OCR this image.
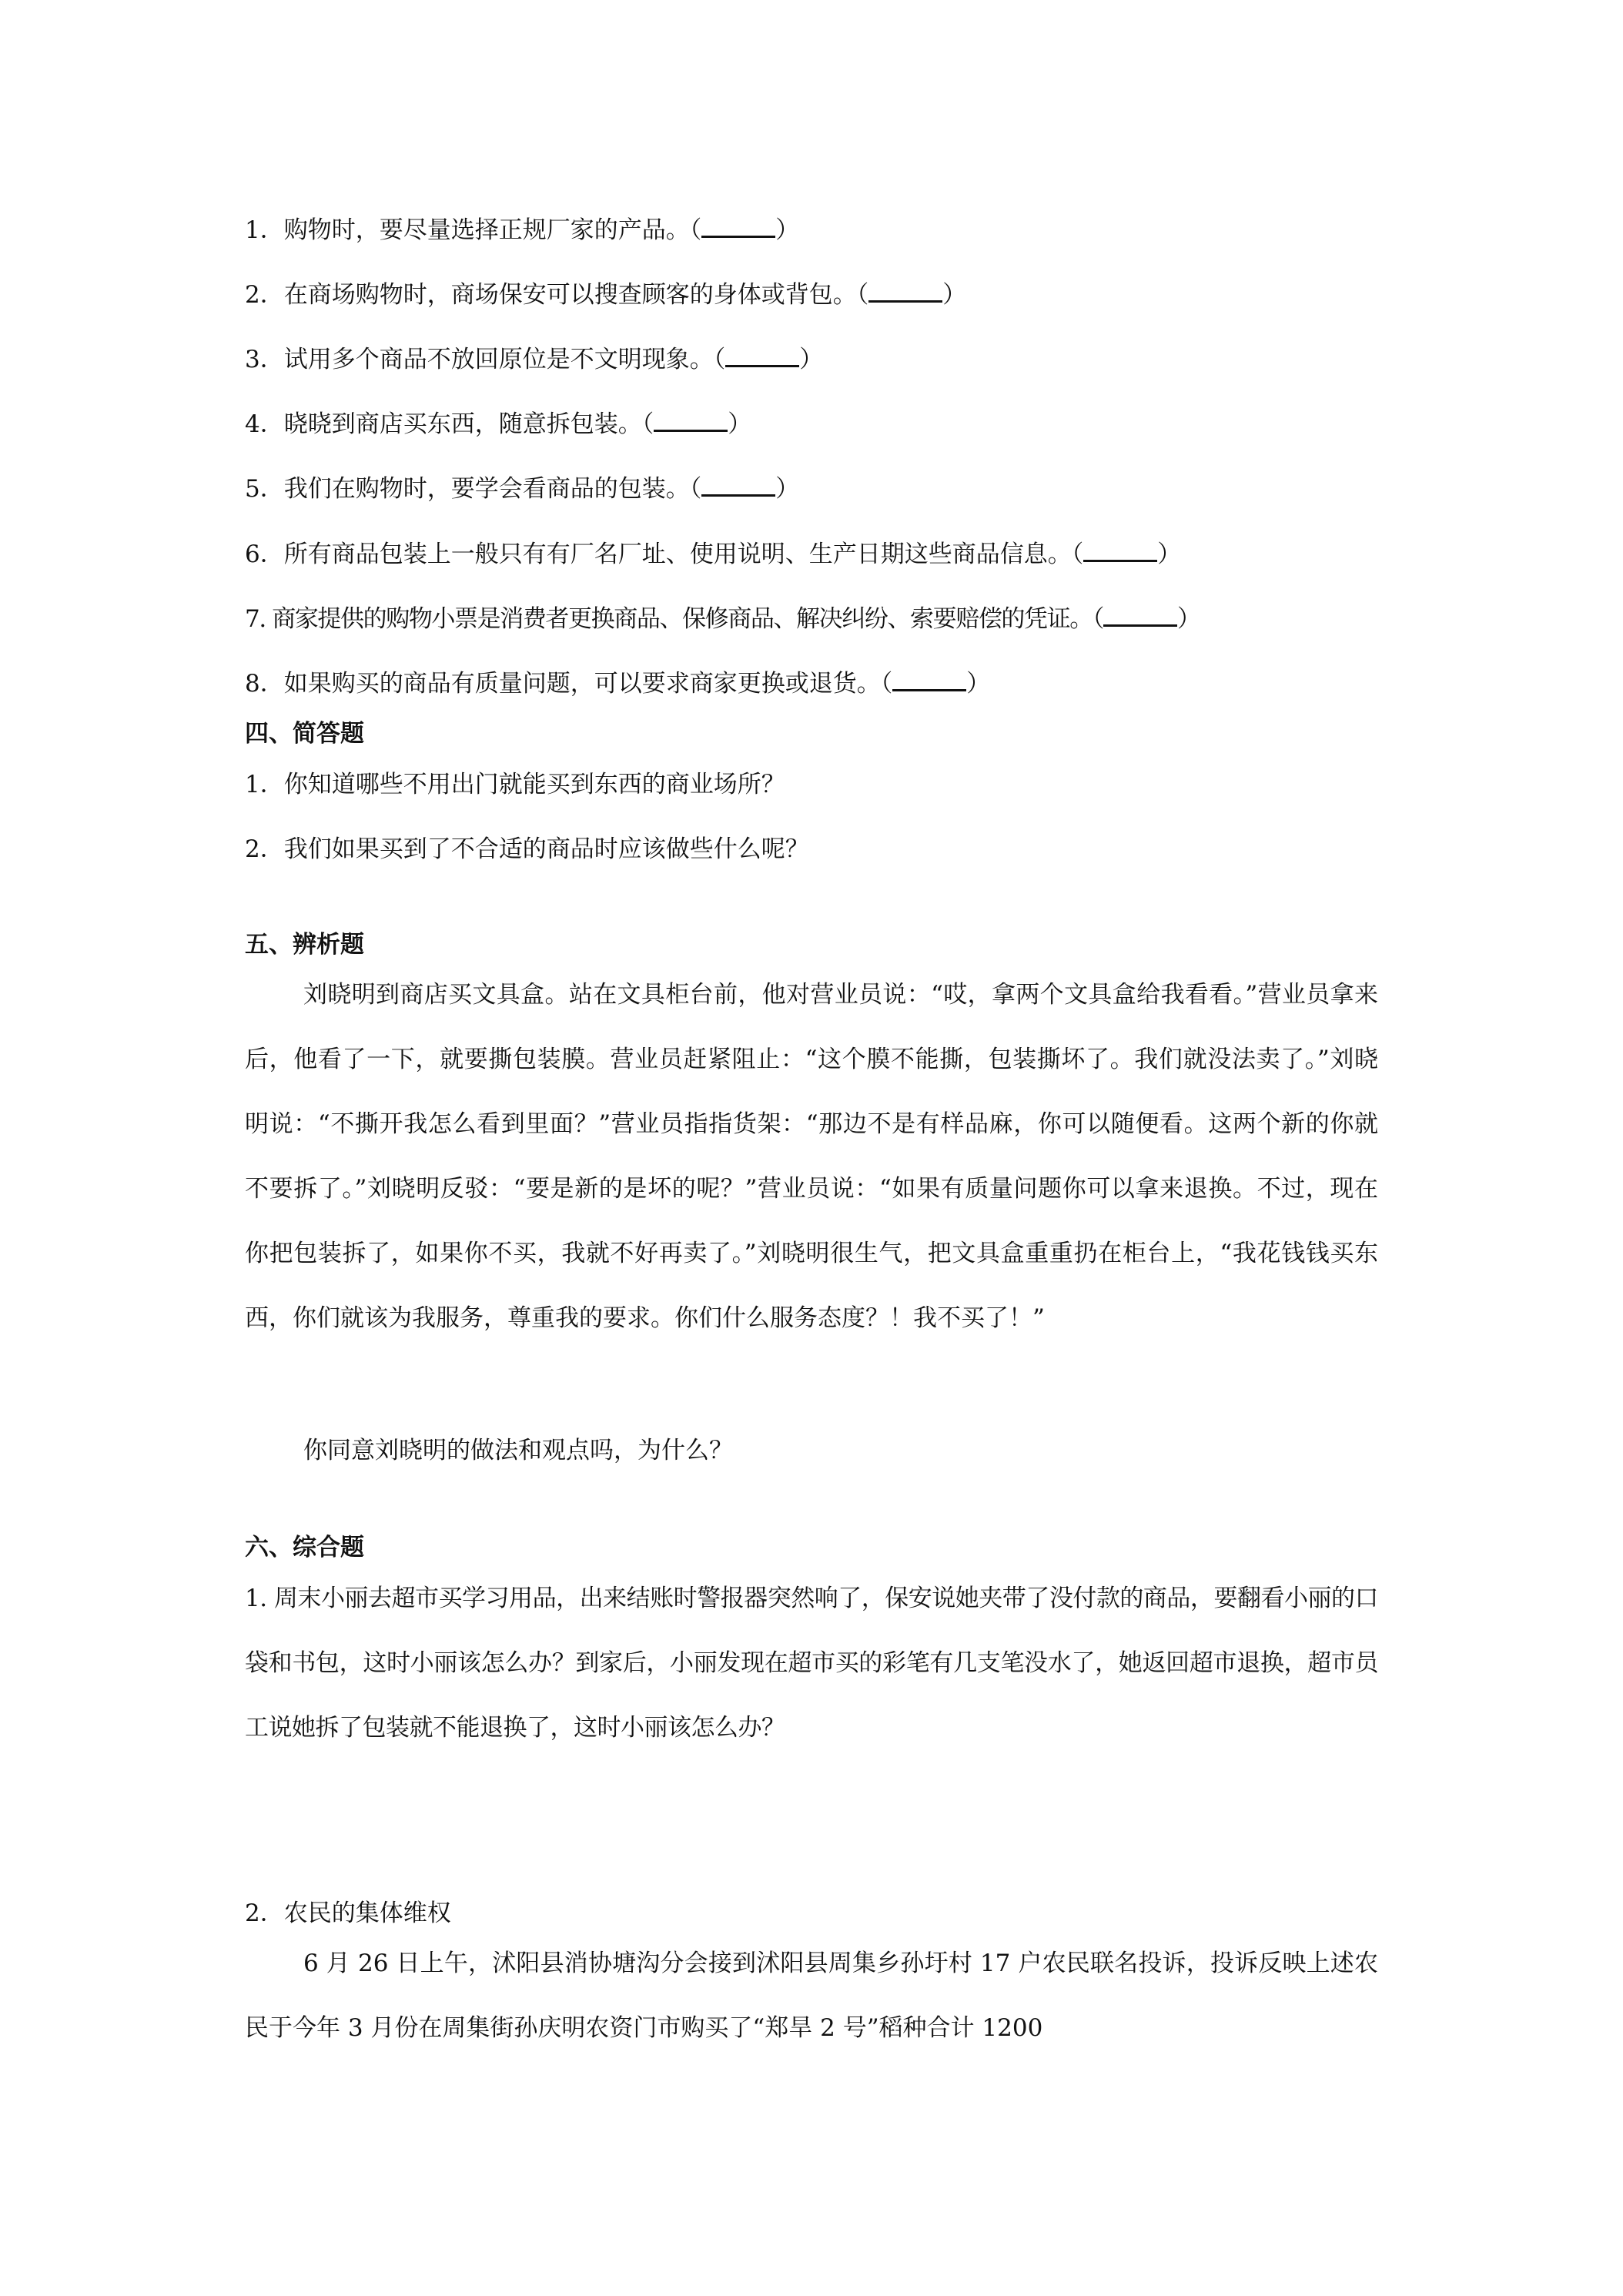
1．购物时，要尽量选择正规厂家的产品。（	）
2．在商场购物时，商场保安可以搜查顾客的身体或背包。（	）
3．试用多个商品不放回原位是不文明现象。（	）
4．晓晓到商店买东西，随意拆包装。（	）
5．我们在购物时，要学会看商品的包装。（	）
6．所有商品包装上一般只有有厂名厂址、使用说明、生产日期这些商品信息。（	）
7. 商家提供的购物小票是消费者更换商品、保修商品、解决纠纷、索要赔偿的凭证。（	）
8．如果购买的商品有质量问题，可以要求商家更换或退货。（	）
四、简答题
1．你知道哪些不用出门就能买到东西的商业场所？
2．我们如果买到了不合适的商品时应该做些什么呢？
五、辨析题
刘晓明到商店买文具盒。站在文具柜台前，他对营业员说：“哎，拿两个文具盒给我看看。”营业员拿来后，他看了一下，就要撕包装膜。营业员赶紧阻止：“这个膜不能撕，包装撕坏了。我们就没法卖了。”刘晓明说：“不撕开我怎么看到里面？”营业员指指货架：“那边不是有样品麻，你可以随便看。这两个新的你就不要拆了。”刘晓明反驳：“要是新的是坏的呢？”营业员说：“如果有质量问题你可以拿来退换。不过，现在你把包装拆了，如果你不买，我就不好再卖了。”刘晓明很生气，把文具盒重重扔在柜台上，“我花钱钱买东西，你们就该为我服务，尊重我的要求。你们什么服务态度？！我不买了！”
你同意刘晓明的做法和观点吗，为什么？
六、综合题
1. 周末小丽去超市买学习用品，出来结账时警报器突然响了，保安说她夹带了没付款的商品，要翻看小丽的口袋和书包，这时小丽该怎么办？到家后，小丽发现在超市买的彩笔有几支笔没水了，她返回超市退换，超市员工说她拆了包装就不能退换了，这时小丽该怎么办？
2．农民的集体维权
6 月 26 日上午，沭阳县消协塘沟分会接到沭阳县周集乡孙圩村 17 户农民联名投诉，投诉反映上述农民于今年 3 月份在周集街孙庆明农资门市购买了“郑旱 2 号”稻种合计 1200
